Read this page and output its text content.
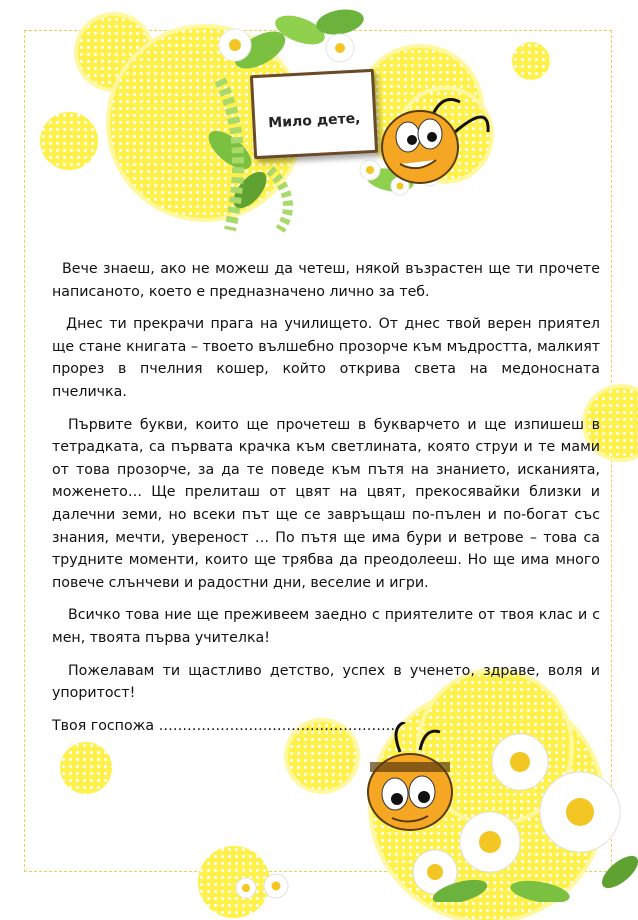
Мило дете,

Вече знаеш, ако не можеш да четеш, някой възрастен ще ти прочете написаното, което е предназначено лично за теб.

Днес ти прекрачи прага на училището. От днес твой верен приятел ще стане книгата – твоето вълшебно прозорче към мъдростта, малкият прорез в пчелния кошер, който открива света на медоносната пчеличка.

Първите букви, които ще прочетеш в букварчето и ще изпишеш в тетрадката, са първата крачка към светлината, която струи и те мами от това прозорче, за да те поведе към пътя на знанието, исканията, моженето… Ще прелиташ от цвят на цвят, прекосявайки близки и далечни земи, но всеки път ще се завръщаш по-пълен и по-богат със знания, мечти, увереност … По пътя ще има бури и ветрове – това са трудните моменти, които ще трябва да преодолееш. Но ще има много повече слънчеви и радостни дни, веселие и игри.

Всичко това ние ще преживеем заедно с приятелите от твоя клас и с мен, твоята първа учителка!

Пожелавам ти щастливо детство, успех в ученето, здраве, воля и упоритост!

Твоя госпожа ……………………………………………
